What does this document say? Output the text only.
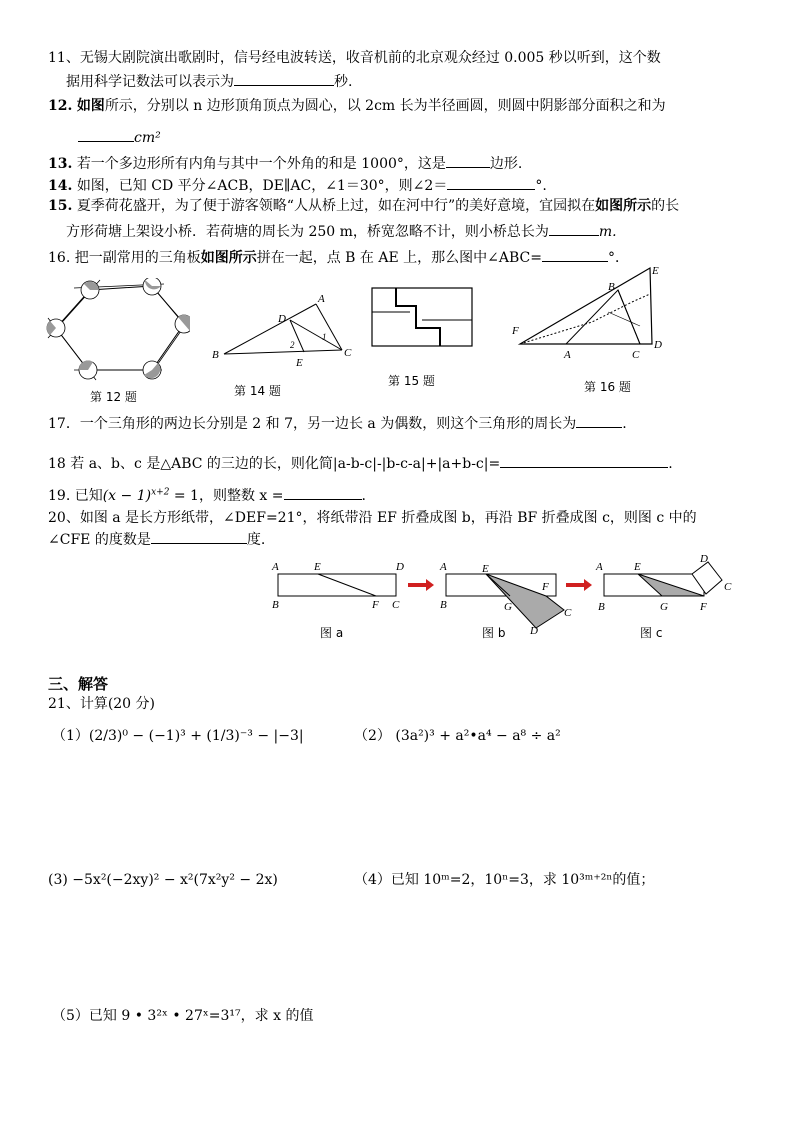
11、无锡大剧院演出歌剧时，信号经电波转送，收音机前的北京观众经过 0.005 秒以听到，这个数
据用科学记数法可以表示为	秒.
12. 如图所示，分别以 n 边形顶角顶点为圆心，以 2cm 长为半径画圆，则圆中阴影部分面积之和为
cm²
13. 若一个多边形所有内角与其中一个外角的和是 1000°，这是	边形.
14. 如图，已知 CD 平分∠ACB，DE∥AC，∠1＝30°，则∠2＝	°.
15. 夏季荷花盛开，为了便于游客领略“人从桥上过，如在河中行”的美好意境，宜园拟在如图所示的长
方形荷塘上架设小桥．若荷塘的周长为 250 m，桥宽忽略不计，则小桥总长为	m.
16. 把一副常用的三角板如图所示拼在一起，点 B 在 AE 上，那么图中∠ABC=	°．
第 12 题
B
A
C
D
E
2
1
第 14 题
第 15 题
F
B
E
A	C
D
第 16 题
17．一个三角形的两边长分别是 2 和 7，另一边长 a 为偶数，则这个三角形的周长为	.
18 若 a、b、c 是△ABC 的三边的长，则化简|a-b-c|-|b-c-a|+|a+b-c|=	.
19. 已知$(x - 1)^{x+2} = 1$，则整数 x =	.
20、如图 a 是长方形纸带，∠DEF=21°，将纸带沿 EF 折叠成图 b，再沿 BF 折叠成图 c，则图 c 中的
∠CFE 的度数是	度.
A	E	D
B	F C
图 a
A	E
F
B	G	C
D
图 b
A	E
D
C
B	G	F
图 c
三、解答
21、计算(20 分)
（1）(2/3)⁰ − (−1)³ + (1/3)⁻³ − |−3|	（2） (3a²)³ + a²•a⁴ − a⁸ ÷ a²
(3) −5x²(−2xy)² − x²(7x²y² − 2x)	（4）已知 10ᵐ=2，10ⁿ=3，求 10³ᵐ⁺²ⁿ的值；
（5）已知 9 • 3²ˣ • 27ˣ=3¹⁷，求 x 的值
